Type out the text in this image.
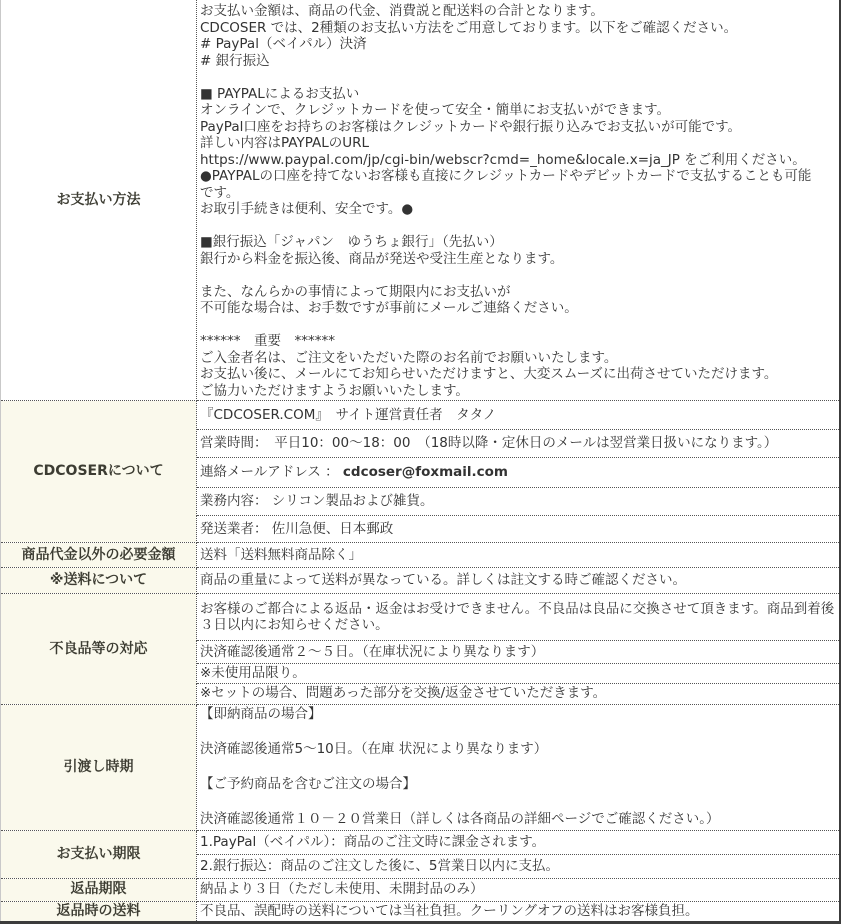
お支払い方法	お支払い金額は、商品の代金、消費説と配送料の合計となります。
CDCOSER では、2種類のお支払い方法をご用意しております。以下をご確認ください。
# PayPal（ベイパル）決済
# 銀行振込

■ PAYPALによるお支払い
オンラインで、クレジットカードを使って安全・簡単にお支払いができます。
PayPal口座をお持ちのお客様はクレジットカードや銀行振り込みでお支払いが可能です。
詳しい内容はPAYPALのURL
https://www.paypal.com/jp/cgi-bin/webscr?cmd=_home&locale.x=ja_JP をご利用ください。
●PAYPALの口座を持てないお客様も直接にクレジットカードやデビットカードで支払することも可能
です。
お取引手続きは便利、安全です。●

■銀行振込「ジャパン　ゆうちょ銀行」（先払い）
銀行から料金を振込後、商品が発送や受注生産となります。

また、なんらかの事情によって期限内にお支払いが
不可能な場合は、お手数ですが事前にメールご連絡ください。

******　重要　******
ご入金者名は、ご注文をいただいた際のお名前でお願いいたします。
お支払い後に、メールにてお知らせいただけますと、大変スムーズに出荷させていただけます。
ご協力いただけますようお願いいたします。
CDCOSERについて	『CDCOSER.COM』　サイト運営責任者　タタノ
	営業時間：　平日10：00～18：00　（18時以降・定休日のメールは翌営業日扱いになります。）
	連絡メールアドレス ： cdcoser@foxmail.com
	業務内容： シリコン製品および雑貨。
	発送業者： 佐川急便、日本郵政
商品代金以外の必要金額	送料「送料無料商品除く」
※送料について	商品の重量によって送料が異なっている。詳しくは註文する時ご確認ください。
不良品等の対応	お客様のご都合による返品・返金はお受けできません。不良品は良品に交換させて頂きます。商品到着後３日以内にお知らせください。
	決済確認後通常２～５日。（在庫状況により異なります）
	※未使用品限り。
	※セットの場合、問題あった部分を交換/返金させていただきます。
引渡し時期	【即納商品の場合】

決済確認後通常5～10日。（在庫 状況により異なります）

【ご予約商品を含むご注文の場合】

決済確認後通常１０－２０営業日（詳しくは各商品の詳細ページでご確認ください。）
お支払い期限	1.PayPal（ベイパル）：商品のご注文時に課金されます。
	2.銀行振込：商品のご注文した後に、5営業日以内に支払。
返品期限	納品より３日（ただし未使用、未開封品のみ）
返品時の送料	不良品、誤配時の送料については当社負担。クーリングオフの送料はお客様負担。
